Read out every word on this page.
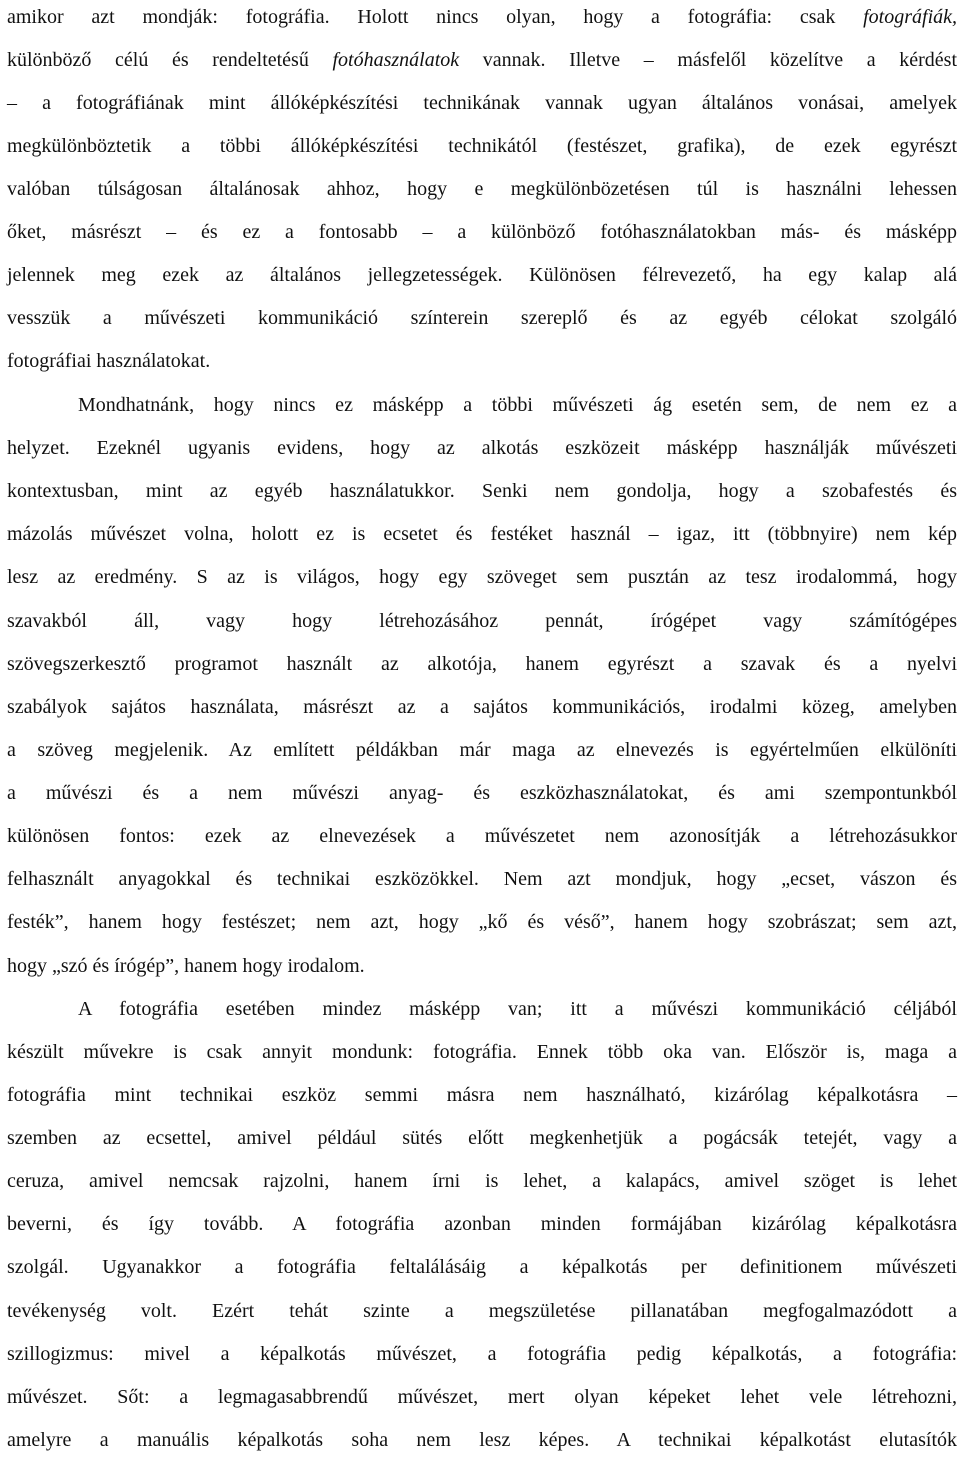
amikor azt mondják: fotográfia. Holott nincs olyan, hogy a fotográfia: csak fotográfiák,
különböző célú és rendeltetésű fotóhasználatok vannak. Illetve – másfelől közelítve a kérdést
– a fotográfiának mint állóképkészítési technikának vannak ugyan általános vonásai, amelyek
megkülönböztetik a többi állóképkészítési technikától (festészet, grafika), de ezek egyrészt
valóban túlságosan általánosak ahhoz, hogy e megkülönbözetésen túl is használni lehessen
őket, másrészt – és ez a fontosabb – a különböző fotóhasználatokban más- és másképp
jelennek meg ezek az általános jellegzetességek. Különösen félrevezető, ha egy kalap alá
vesszük a művészeti kommunikáció színterein szereplő és az egyéb célokat szolgáló
fotográfiai használatokat.
Mondhatnánk, hogy nincs ez másképp a többi művészeti ág esetén sem, de nem ez a
helyzet. Ezeknél ugyanis evidens, hogy az alkotás eszközeit másképp használják művészeti
kontextusban, mint az egyéb használatukkor. Senki nem gondolja, hogy a szobafestés és
mázolás művészet volna, holott ez is ecsetet és festéket használ – igaz, itt (többnyire) nem kép
lesz az eredmény. S az is világos, hogy egy szöveget sem pusztán az tesz irodalommá, hogy
szavakból áll, vagy hogy létrehozásához pennát, írógépet vagy számítógépes
szövegszerkesztő programot használt az alkotója, hanem egyrészt a szavak és a nyelvi
szabályok sajátos használata, másrészt az a sajátos kommunikációs, irodalmi közeg, amelyben
a szöveg megjelenik. Az említett példákban már maga az elnevezés is egyértelműen elkülöníti
a művészi és a nem művészi anyag- és eszközhasználatokat, és ami szempontunkból
különösen fontos: ezek az elnevezések a művészetet nem azonosítják a létrehozásukkor
felhasznált anyagokkal és technikai eszközökkel. Nem azt mondjuk, hogy „ecset, vászon és
festék”, hanem hogy festészet; nem azt, hogy „kő és véső”, hanem hogy szobrászat; sem azt,
hogy „szó és írógép”, hanem hogy irodalom.
A fotográfia esetében mindez másképp van; itt a művészi kommunikáció céljából
készült művekre is csak annyit mondunk: fotográfia. Ennek több oka van. Először is, maga a
fotográfia mint technikai eszköz semmi másra nem használható, kizárólag képalkotásra –
szemben az ecsettel, amivel például sütés előtt megkenhetjük a pogácsák tetejét, vagy a
ceruza, amivel nemcsak rajzolni, hanem írni is lehet, a kalapács, amivel szöget is lehet
beverni, és így tovább. A fotográfia azonban minden formájában kizárólag képalkotásra
szolgál. Ugyanakkor a fotográfia feltalálásáig a képalkotás per definitionem művészeti
tevékenység volt. Ezért tehát szinte a megszületése pillanatában megfogalmazódott a
szillogizmus: mivel a képalkotás művészet, a fotográfia pedig képalkotás, a fotográfia:
művészet. Sőt: a legmagasabbrendű művészet, mert olyan képeket lehet vele létrehozni,
amelyre a manuális képalkotás soha nem lesz képes. A technikai képalkotást elutasítók
